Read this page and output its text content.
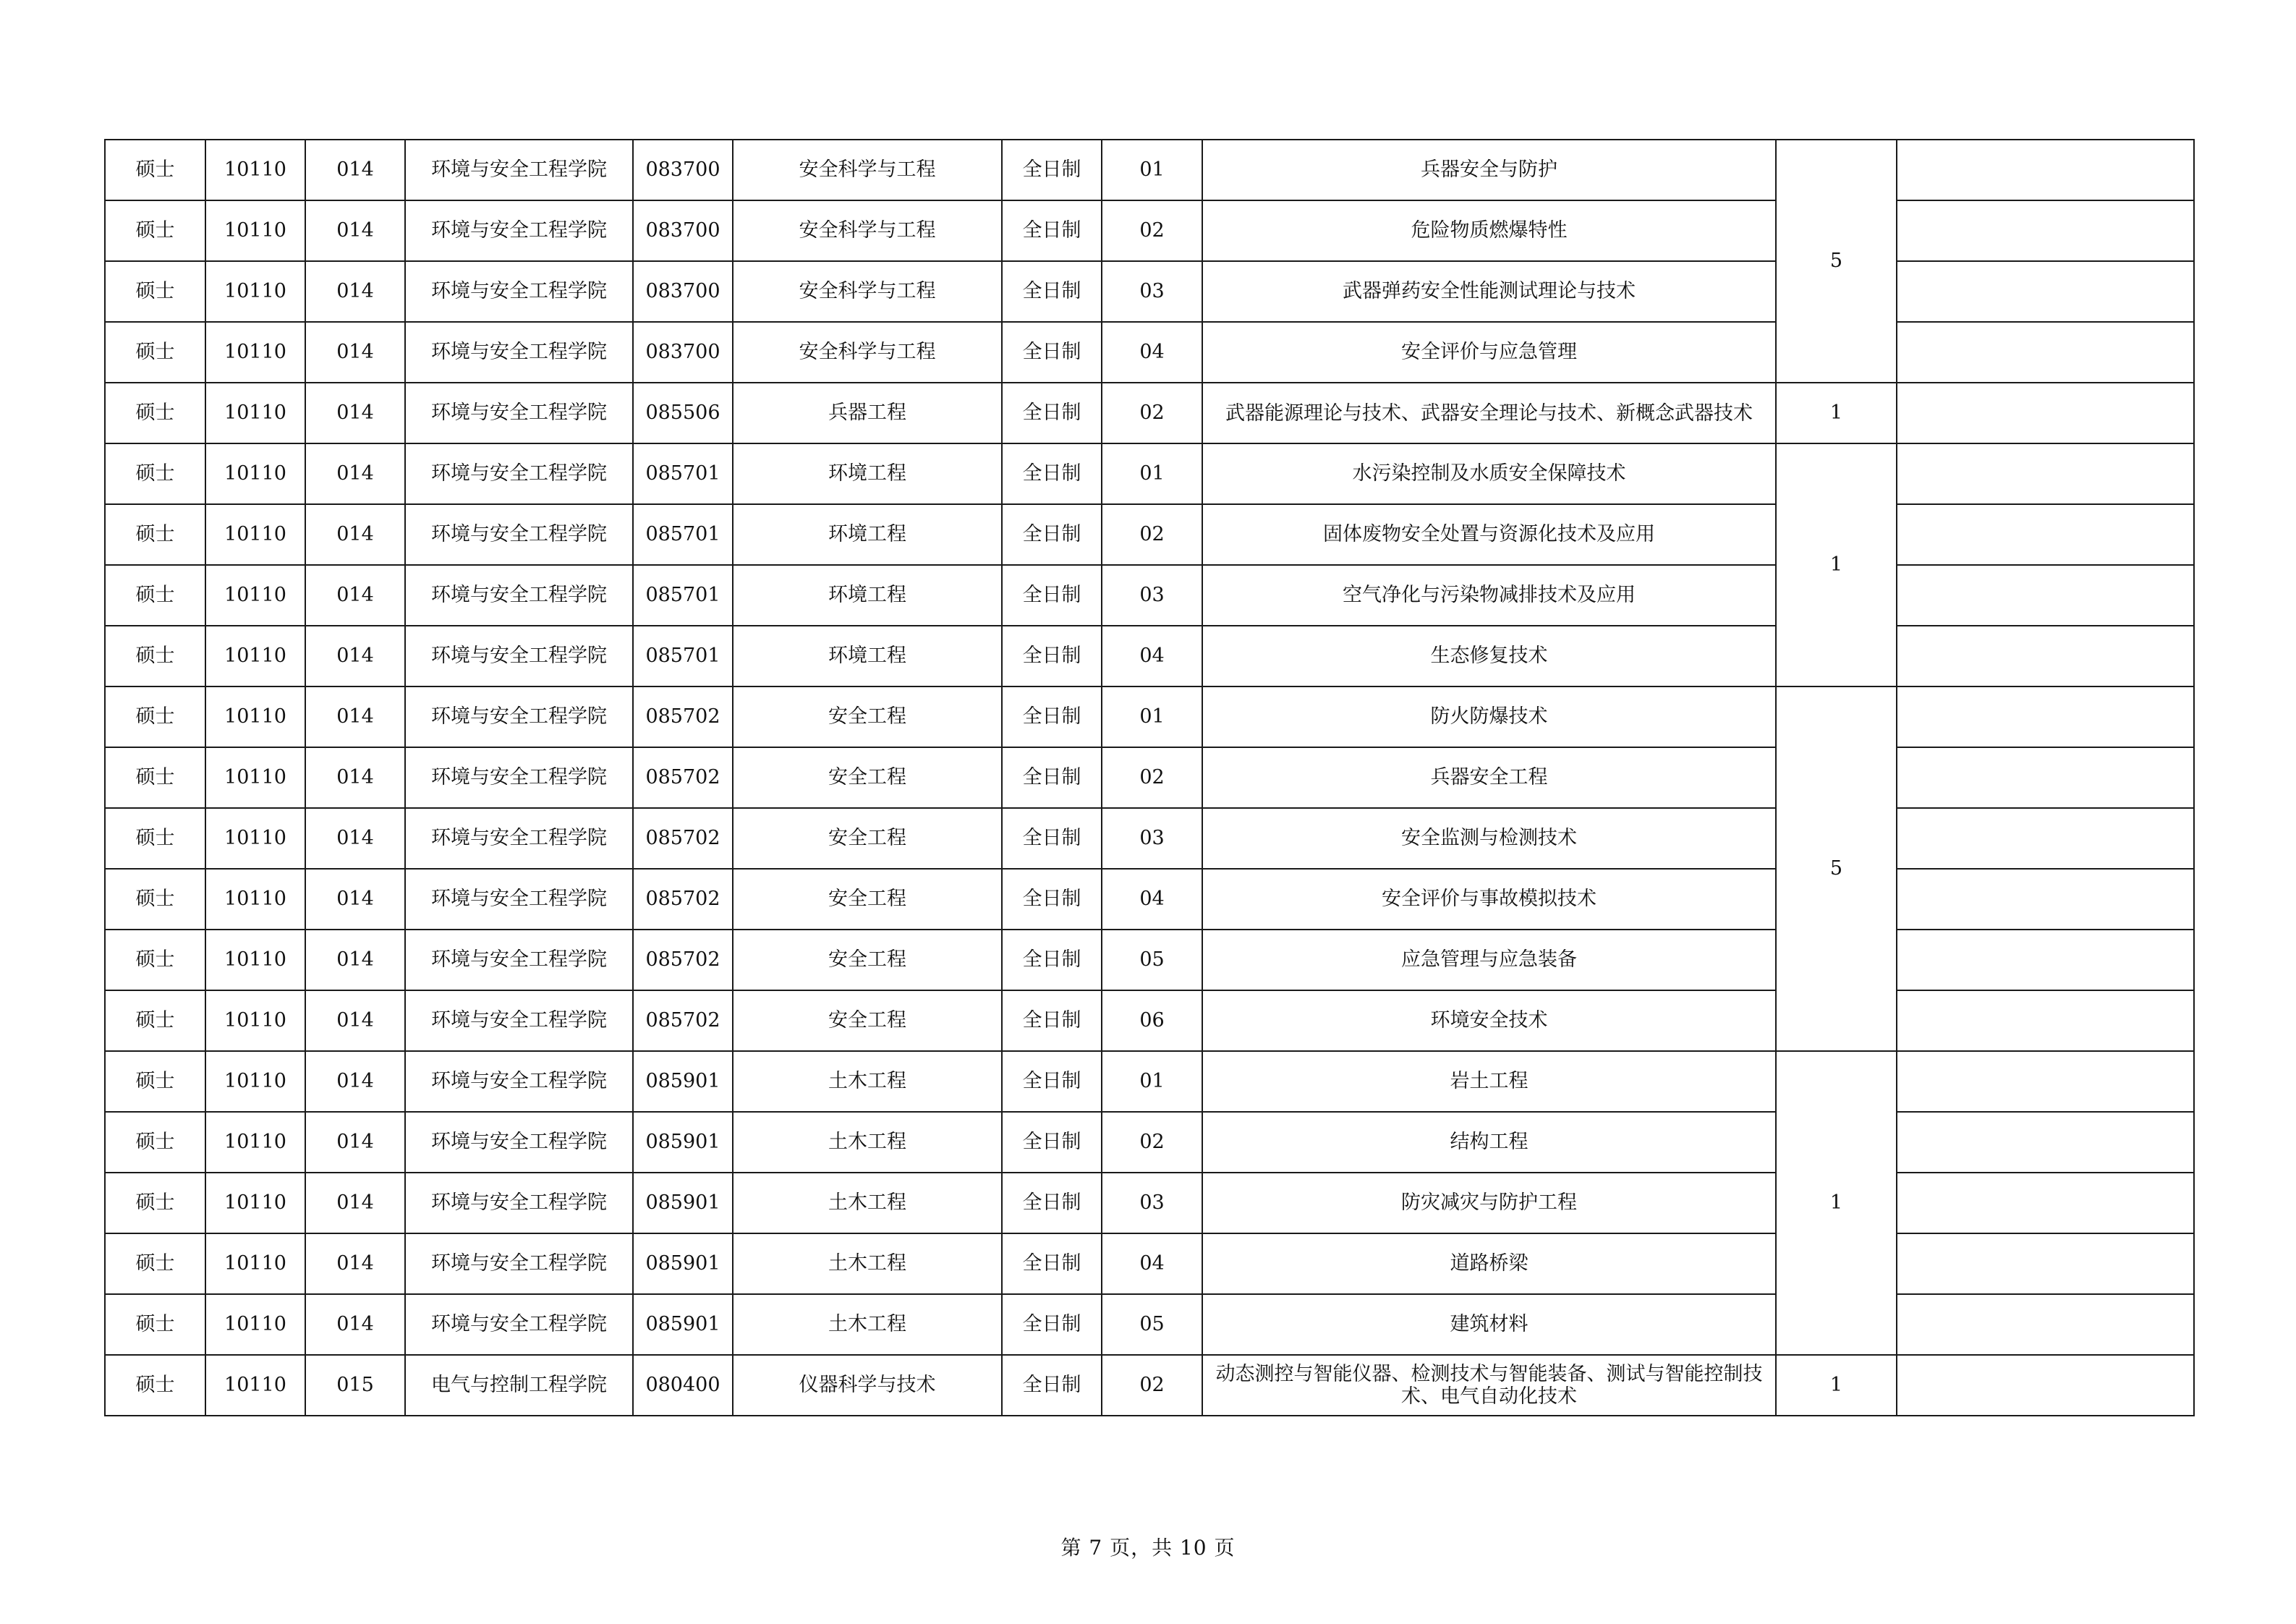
硕士	10110	014	环境与安全工程学院	083700	安全科学与工程	全日制	01	兵器安全与防护	5	
硕士	10110	014	环境与安全工程学院	083700	安全科学与工程	全日制	02	危险物质燃爆特性		
硕士	10110	014	环境与安全工程学院	083700	安全科学与工程	全日制	03	武器弹药安全性能测试理论与技术		
硕士	10110	014	环境与安全工程学院	083700	安全科学与工程	全日制	04	安全评价与应急管理		
硕士	10110	014	环境与安全工程学院	085506	兵器工程	全日制	02	武器能源理论与技术、武器安全理论与技术、新概念武器技术	1	
硕士	10110	014	环境与安全工程学院	085701	环境工程	全日制	01	水污染控制及水质安全保障技术	1	
硕士	10110	014	环境与安全工程学院	085701	环境工程	全日制	02	固体废物安全处置与资源化技术及应用		
硕士	10110	014	环境与安全工程学院	085701	环境工程	全日制	03	空气净化与污染物减排技术及应用		
硕士	10110	014	环境与安全工程学院	085701	环境工程	全日制	04	生态修复技术		
硕士	10110	014	环境与安全工程学院	085702	安全工程	全日制	01	防火防爆技术	5	
硕士	10110	014	环境与安全工程学院	085702	安全工程	全日制	02	兵器安全工程		
硕士	10110	014	环境与安全工程学院	085702	安全工程	全日制	03	安全监测与检测技术		
硕士	10110	014	环境与安全工程学院	085702	安全工程	全日制	04	安全评价与事故模拟技术		
硕士	10110	014	环境与安全工程学院	085702	安全工程	全日制	05	应急管理与应急装备		
硕士	10110	014	环境与安全工程学院	085702	安全工程	全日制	06	环境安全技术		
硕士	10110	014	环境与安全工程学院	085901	土木工程	全日制	01	岩土工程	1	
硕士	10110	014	环境与安全工程学院	085901	土木工程	全日制	02	结构工程		
硕士	10110	014	环境与安全工程学院	085901	土木工程	全日制	03	防灾减灾与防护工程		
硕士	10110	014	环境与安全工程学院	085901	土木工程	全日制	04	道路桥梁		
硕士	10110	014	环境与安全工程学院	085901	土木工程	全日制	05	建筑材料		
硕士	10110	015	电气与控制工程学院	080400	仪器科学与技术	全日制	02	动态测控与智能仪器、检测技术与智能装备、测试与智能控制技术、电气自动化技术	1	
第 7 页，共 10 页
